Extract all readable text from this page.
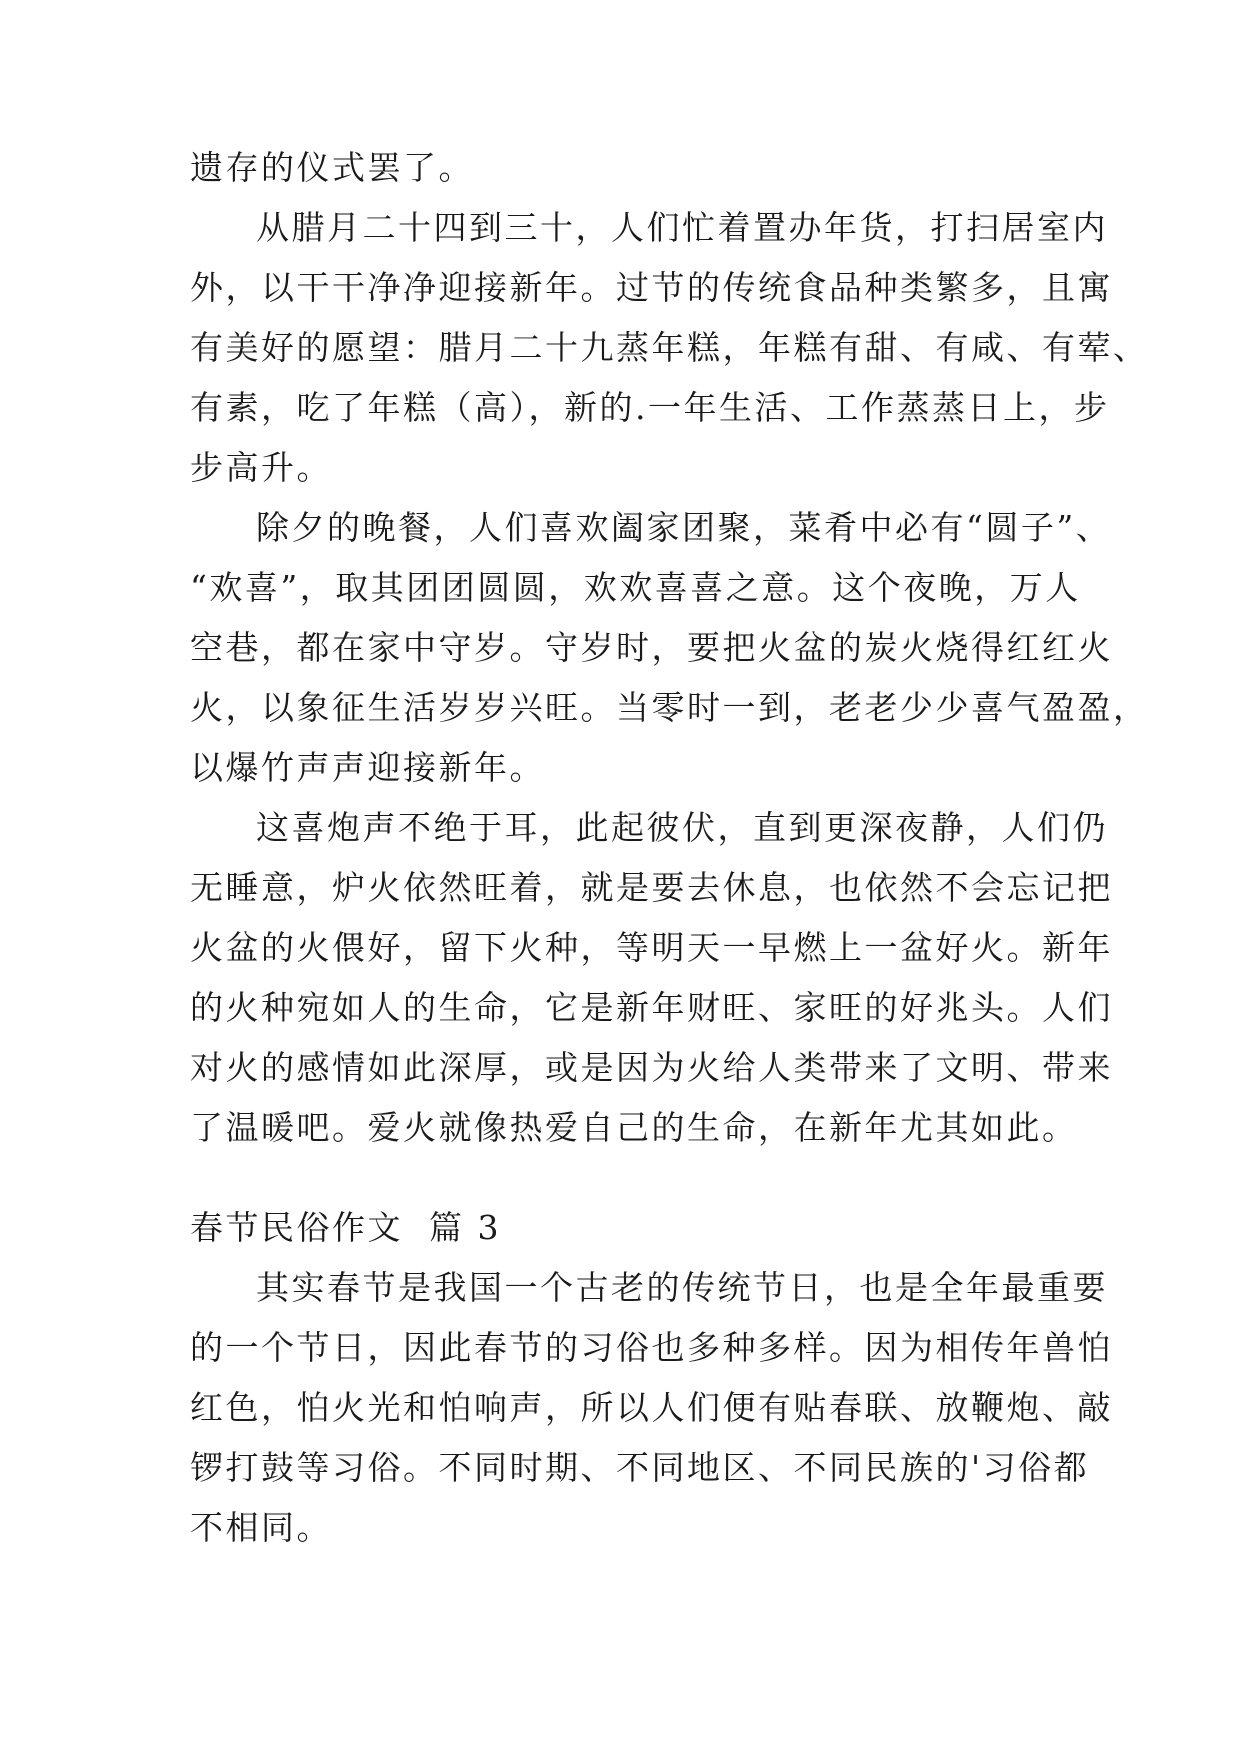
遗存的仪式罢了。
从腊月二十四到三十，人们忙着置办年货，打扫居室内
外，以干干净净迎接新年。过节的传统食品种类繁多，且寓
有美好的愿望：腊月二十九蒸年糕，年糕有甜、有咸、有荤、
有素，吃了年糕（高），新的.一年生活、工作蒸蒸日上，步
步高升。
除夕的晚餐，人们喜欢阖家团聚，菜肴中必有“圆子”、
“欢喜”，取其团团圆圆，欢欢喜喜之意。这个夜晚，万人
空巷，都在家中守岁。守岁时，要把火盆的炭火烧得红红火
火，以象征生活岁岁兴旺。当零时一到，老老少少喜气盈盈，
以爆竹声声迎接新年。
这喜炮声不绝于耳，此起彼伏，直到更深夜静，人们仍
无睡意，炉火依然旺着，就是要去休息，也依然不会忘记把
火盆的火偎好，留下火种，等明天一早燃上一盆好火。新年
的火种宛如人的生命，它是新年财旺、家旺的好兆头。人们
对火的感情如此深厚，或是因为火给人类带来了文明、带来
了温暖吧。爱火就像热爱自己的生命，在新年尤其如此。
春节民俗作文  篇 3
其实春节是我国一个古老的传统节日，也是全年最重要
的一个节日，因此春节的习俗也多种多样。因为相传年兽怕
红色，怕火光和怕响声，所以人们便有贴春联、放鞭炮、敲
锣打鼓等习俗。不同时期、不同地区、不同民族的'习俗都
不相同。
